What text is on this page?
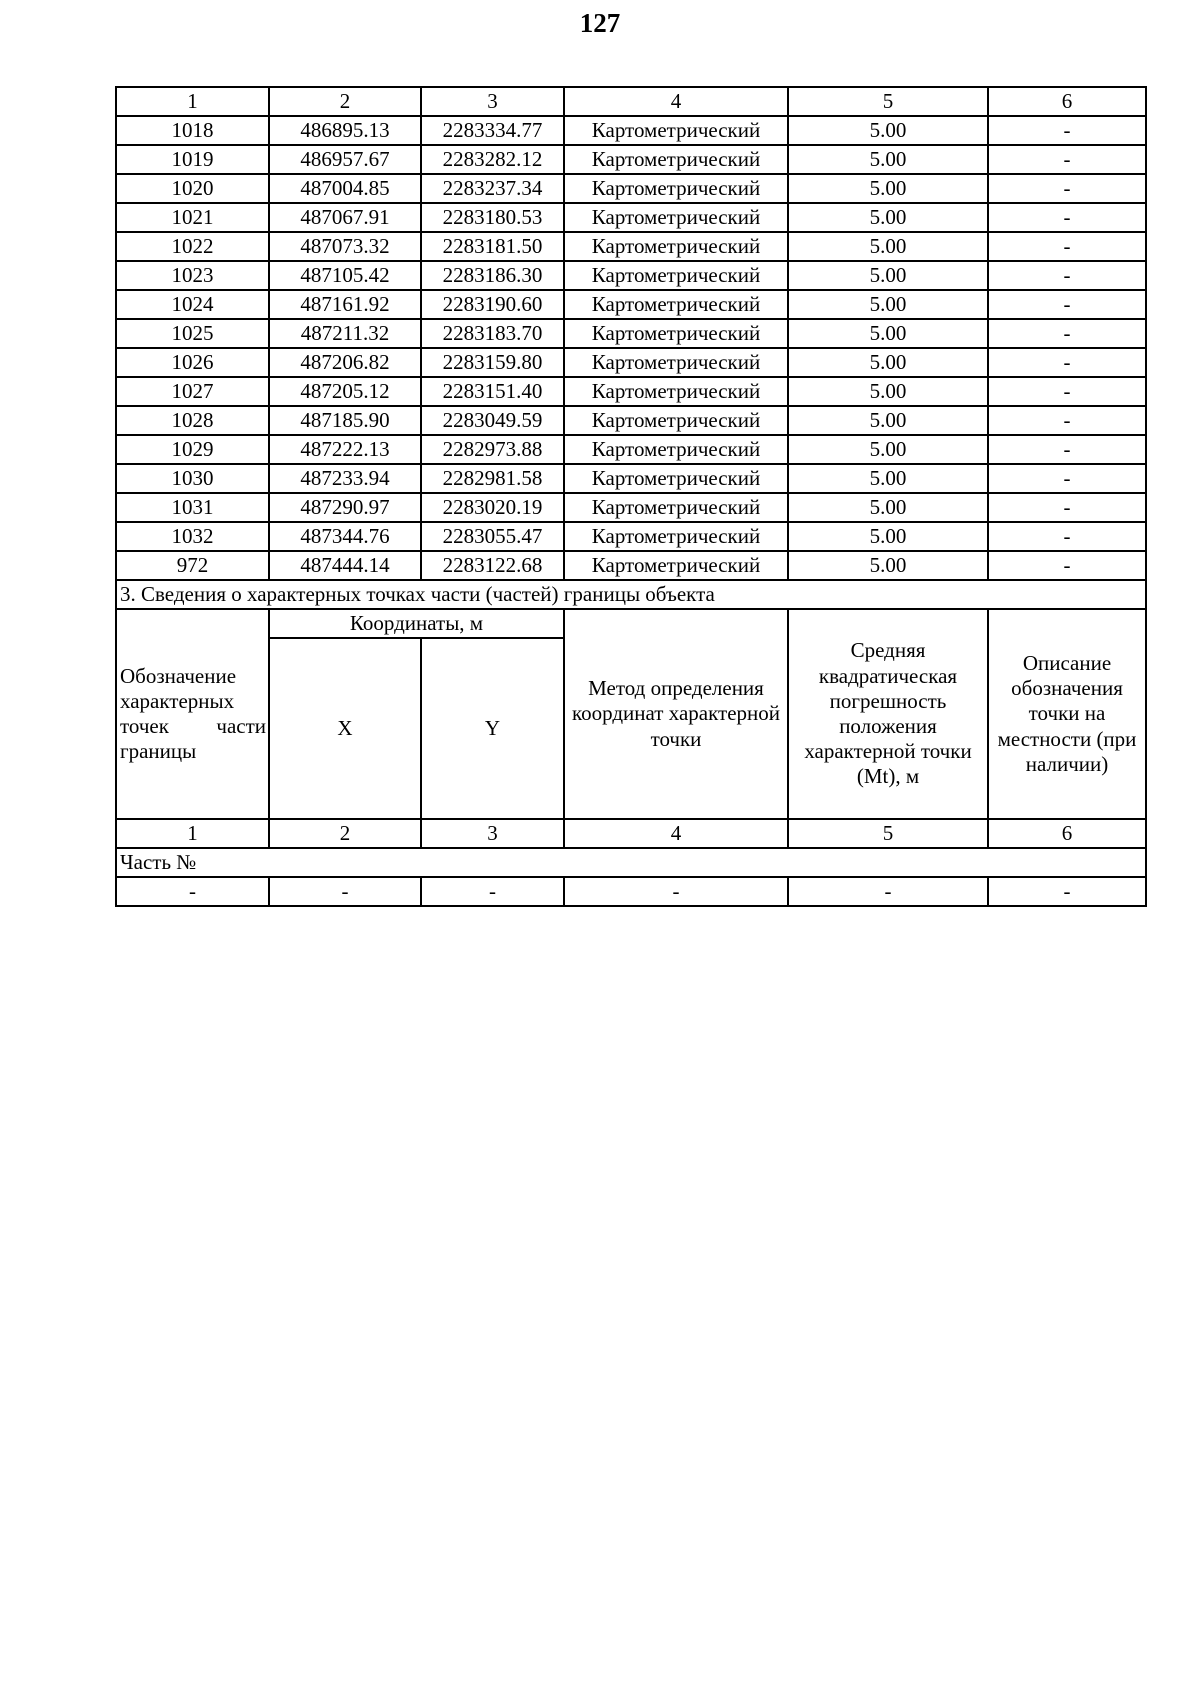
127
1	2	3	4	5	6
1018	486895.13	2283334.77	Картометрический	5.00	-
1019	486957.67	2283282.12	Картометрический	5.00	-
1020	487004.85	2283237.34	Картометрический	5.00	-
1021	487067.91	2283180.53	Картометрический	5.00	-
1022	487073.32	2283181.50	Картометрический	5.00	-
1023	487105.42	2283186.30	Картометрический	5.00	-
1024	487161.92	2283190.60	Картометрический	5.00	-
1025	487211.32	2283183.70	Картометрический	5.00	-
1026	487206.82	2283159.80	Картометрический	5.00	-
1027	487205.12	2283151.40	Картометрический	5.00	-
1028	487185.90	2283049.59	Картометрический	5.00	-
1029	487222.13	2282973.88	Картометрический	5.00	-
1030	487233.94	2282981.58	Картометрический	5.00	-
1031	487290.97	2283020.19	Картометрический	5.00	-
1032	487344.76	2283055.47	Картометрический	5.00	-
972	487444.14	2283122.68	Картометрический	5.00	-
3. Сведения о характерных точках части (частей) границы объекта					
Обозначение характерных точек части границы	Координаты, м		Метод определения координат характерной точки	Средняя квадратическая погрешность положения характерной точки (Mt), м	Описание обозначения точки на местности (при наличии)
	X	Y			
1	2	3	4	5	6
Часть №					
-	-	-	-	-	-
